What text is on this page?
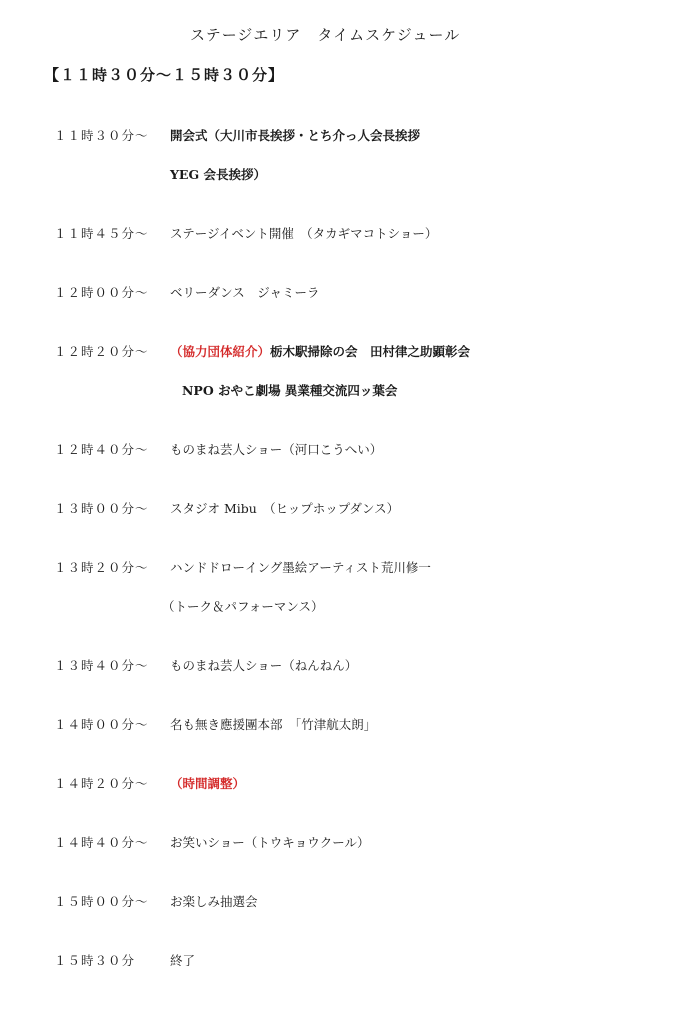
ステージエリア　タイムスケジュール
【１１時３０分～１５時３０分】
１１時３０分～ 開会式（大川市長挨拶・とち介っ人会長挨拶
YEG 会長挨拶）
１１時４５分～ ステージイベント開催　（タカギマコトショー）
１２時００分～ ベリーダンス　ジャミーラ
１２時２０分～ （協力団体紹介）栃木駅掃除の会　田村律之助顕彰会
NPO おやこ劇場 異業種交流四ッ葉会
１２時４０分～ ものまね芸人ショー（河口こうへい）
１３時００分～ スタジオ Mibu　（ヒップホップダンス）
１３時２０分～ ハンドドローイング墨絵アーティスト荒川修一
（トーク＆パフォーマンス）
１３時４０分～ ものまね芸人ショー（ねんねん）
１４時００分～ 名も無き應援團本部　「竹津航太朗」
１４時２０分～ （時間調整）
１４時４０分～ お笑いショー（トウキョウクール）
１５時００分～ お楽しみ抽選会
１５時３０分	終了
